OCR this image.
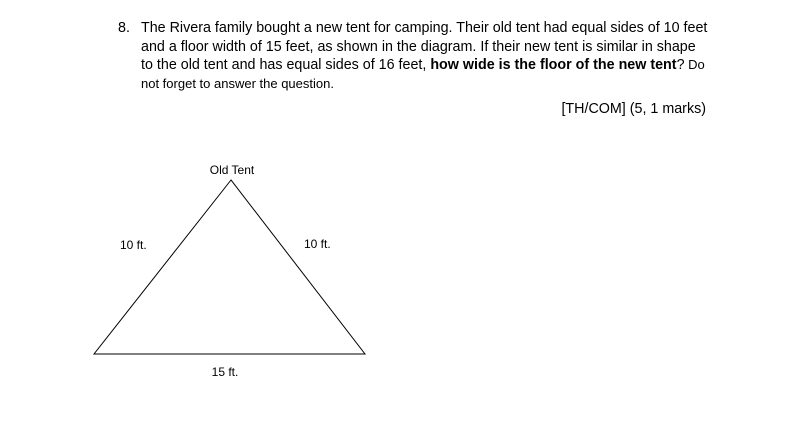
8. The Rivera family bought a new tent for camping. Their old tent had equal sides of 10 feet and a floor width of 15 feet, as shown in the diagram. If their new tent is similar in shape to the old tent and has equal sides of 16 feet, how wide is the floor of the new tent? Do not forget to answer the question.
[TH/COM] (5, 1 marks)
Old Tent
10 ft.	10 ft.
15 ft.
